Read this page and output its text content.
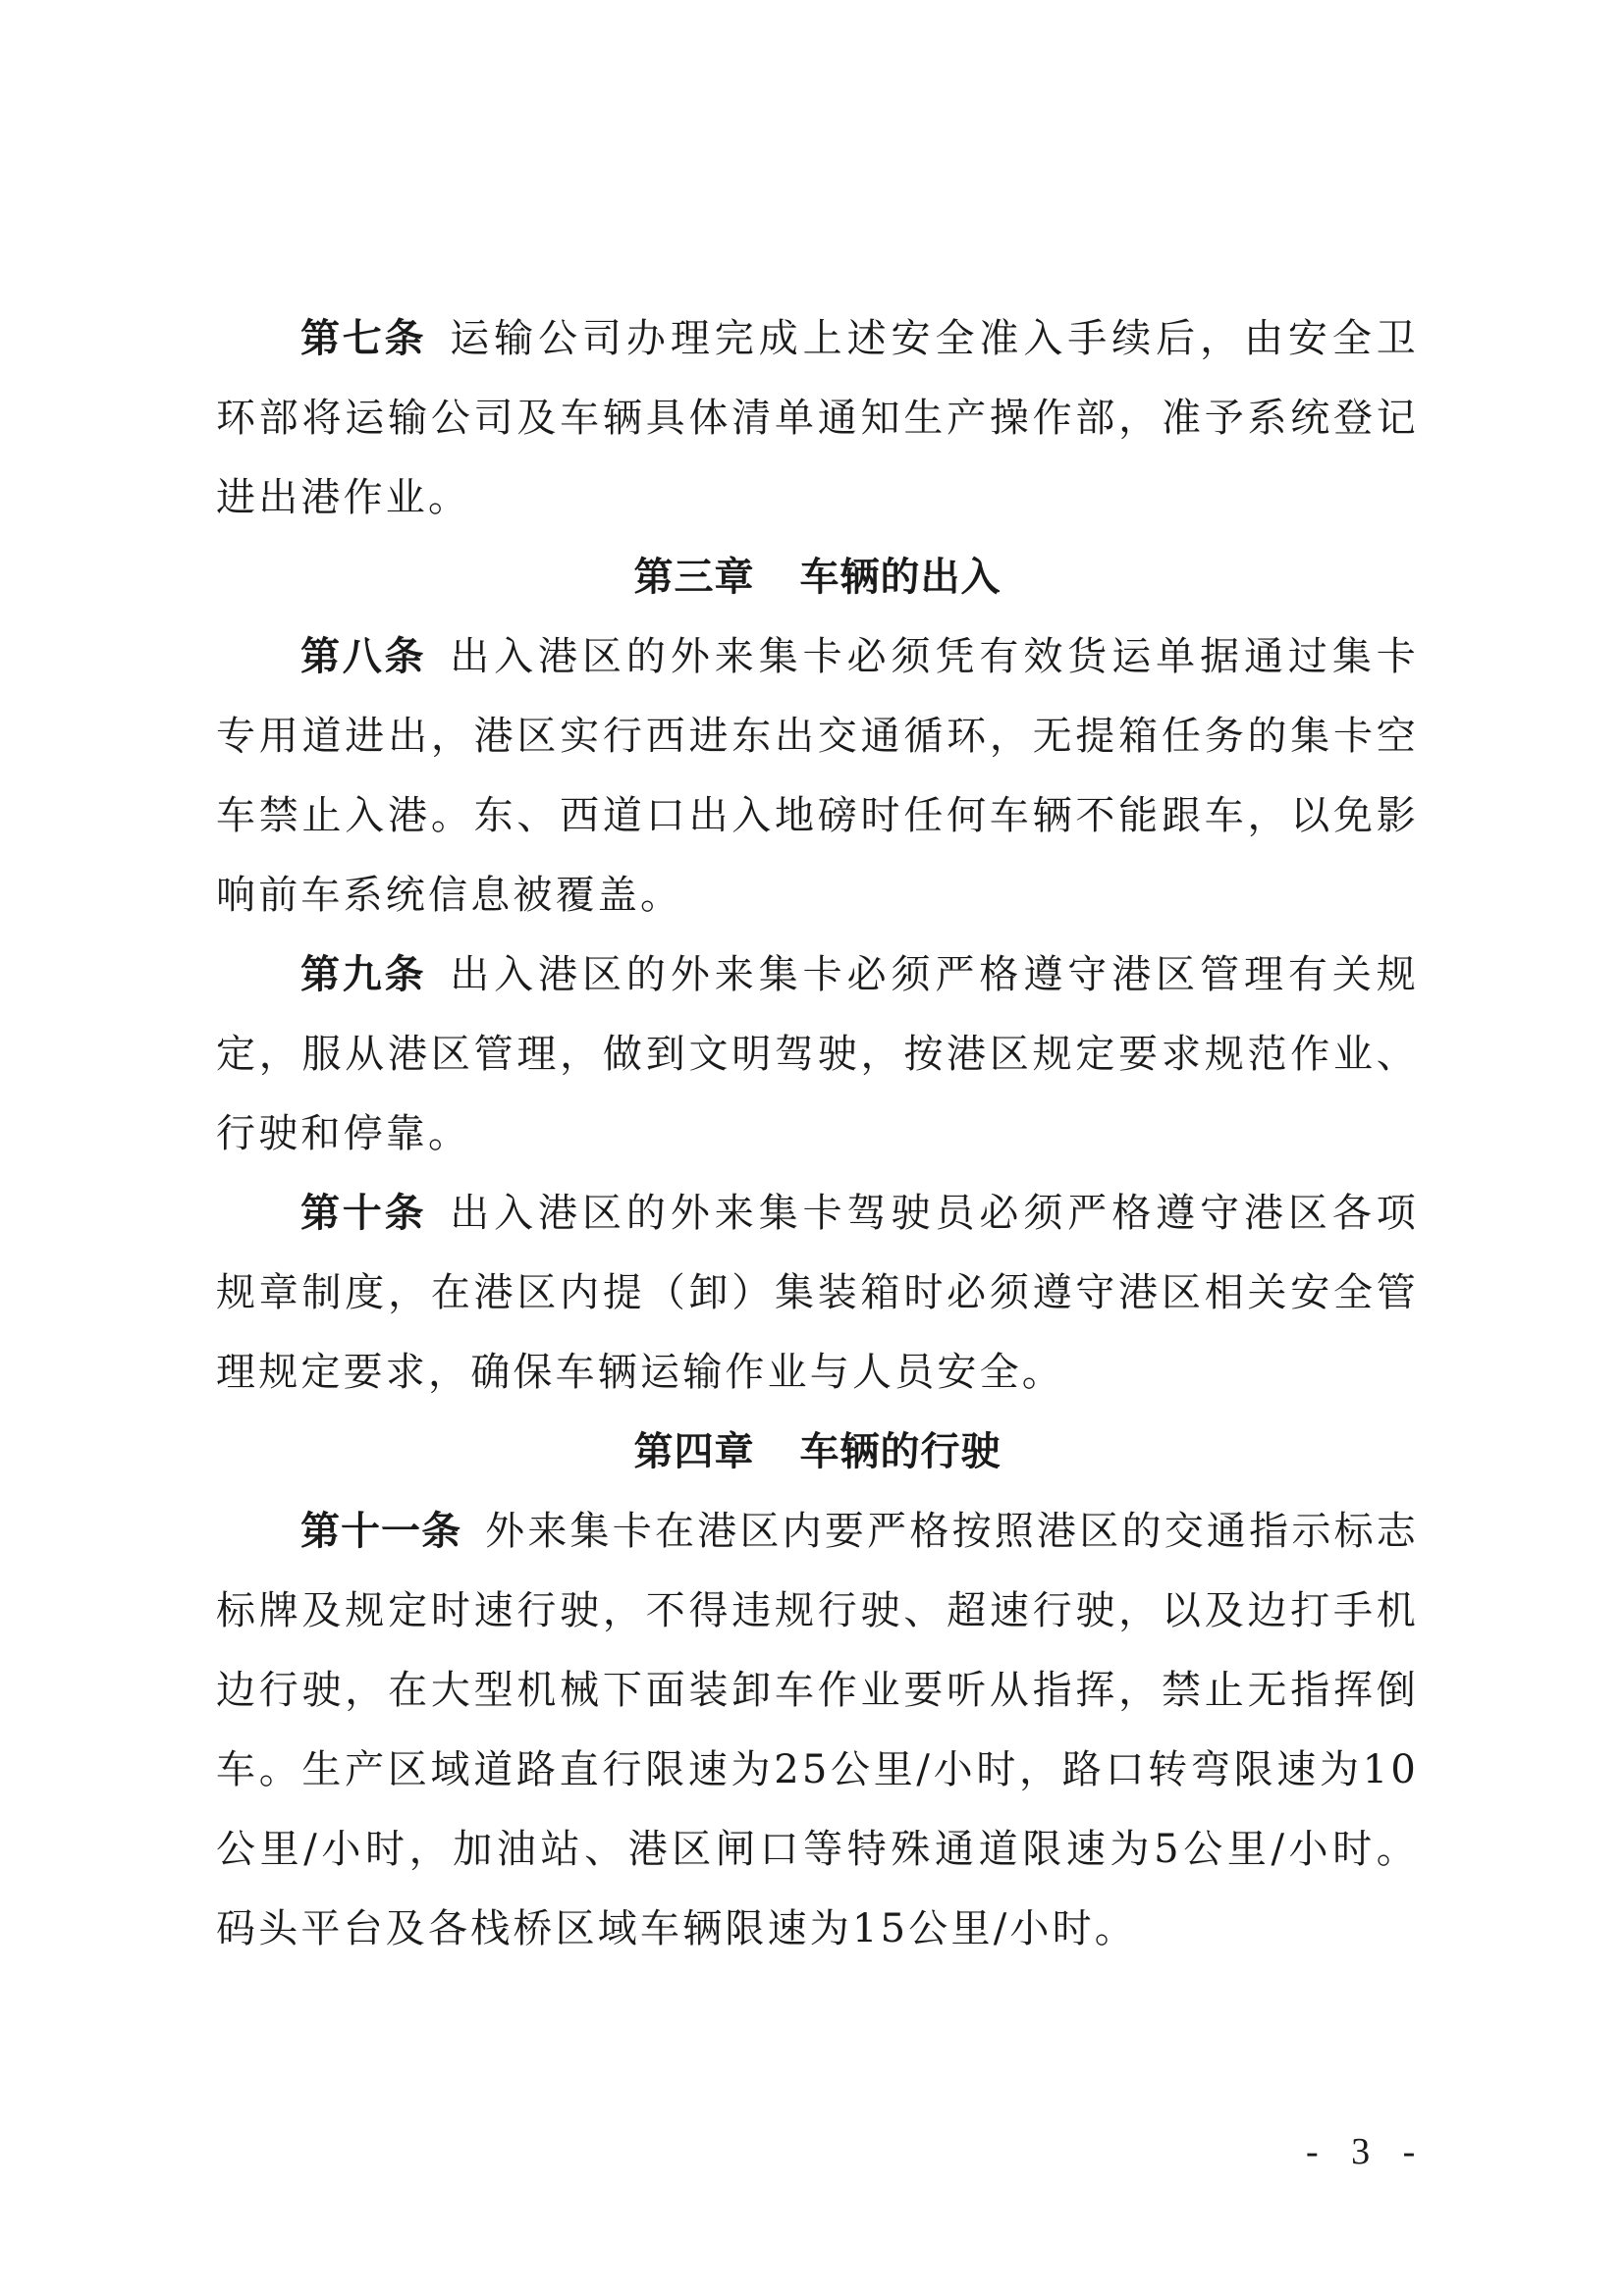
第七条 运输公司办理完成上述安全准入手续后，由安全卫环部将运输公司及车辆具体清单通知生产操作部，准予系统登记进出港作业。

第三章 车辆的出入

第八条 出入港区的外来集卡必须凭有效货运单据通过集卡专用道进出，港区实行西进东出交通循环，无提箱任务的集卡空车禁止入港。东、西道口出入地磅时任何车辆不能跟车，以免影响前车系统信息被覆盖。

第九条 出入港区的外来集卡必须严格遵守港区管理有关规定，服从港区管理，做到文明驾驶，按港区规定要求规范作业、行驶和停靠。

第十条 出入港区的外来集卡驾驶员必须严格遵守港区各项规章制度，在港区内提（卸）集装箱时必须遵守港区相关安全管理规定要求，确保车辆运输作业与人员安全。

第四章 车辆的行驶

第十一条 外来集卡在港区内要严格按照港区的交通指示标志标牌及规定时速行驶，不得违规行驶、超速行驶，以及边打手机边行驶，在大型机械下面装卸车作业要听从指挥，禁止无指挥倒车。生产区域道路直行限速为25公里/小时，路口转弯限速为10公里/小时，加油站、港区闸口等特殊通道限速为5公里/小时。码头平台及各栈桥区域车辆限速为15公里/小时。

- 3 -
